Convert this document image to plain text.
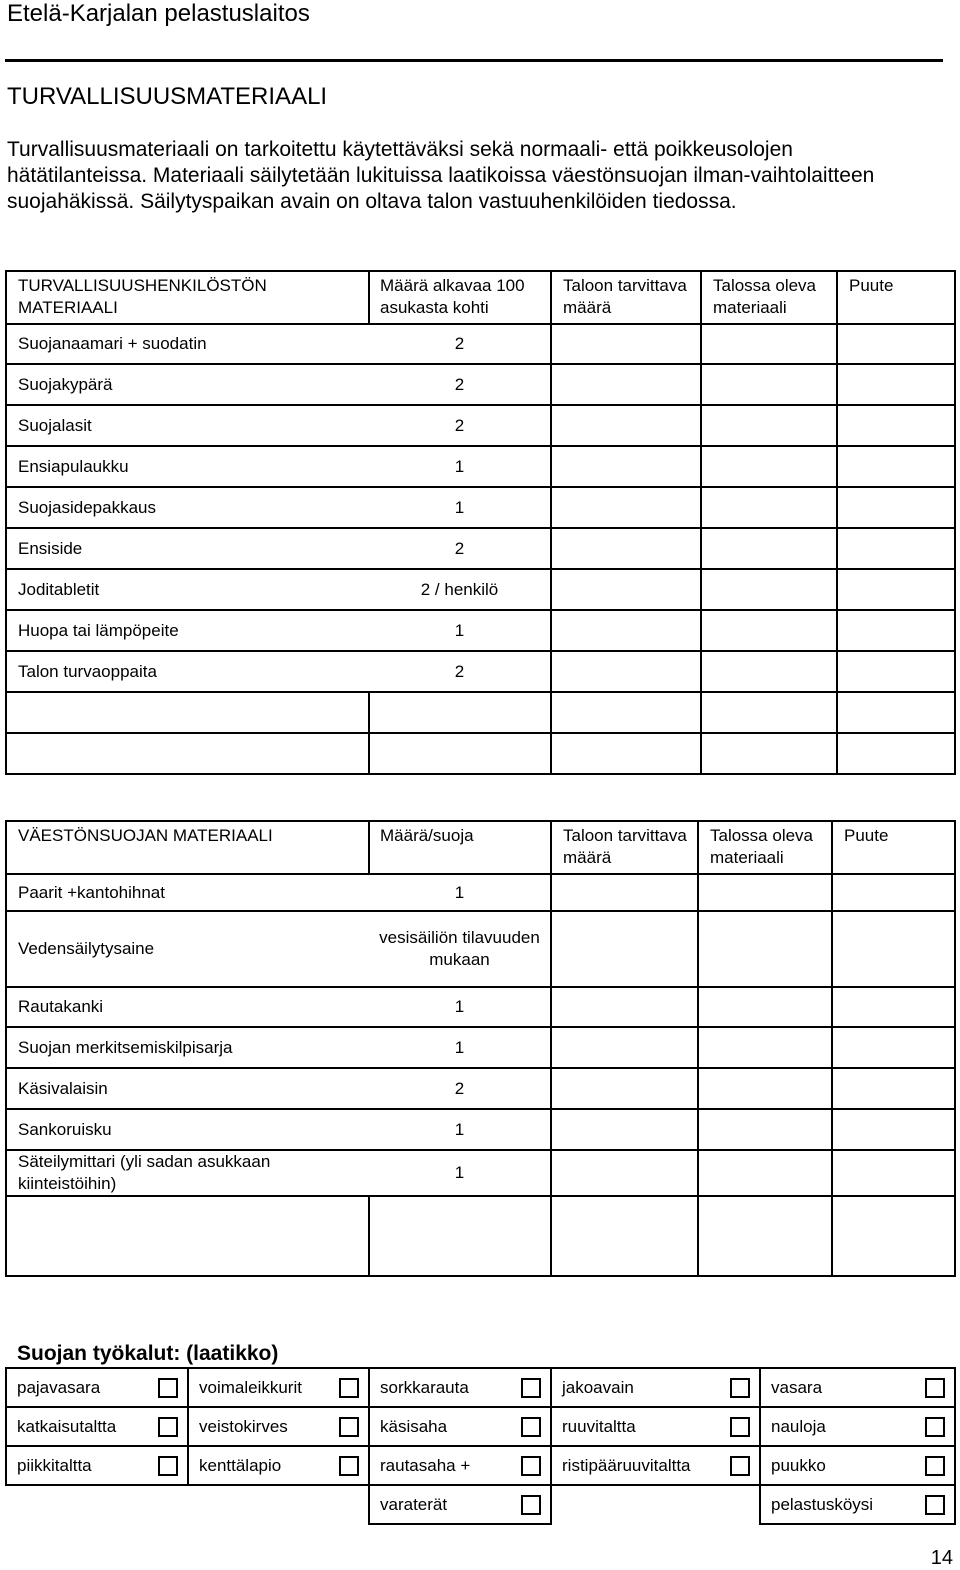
Etelä-Karjalan pelastuslaitos
TURVALLISUUSMATERIAALI

Turvallisuusmateriaali on tarkoitettu käytettäväksi sekä normaali- että poikkeusolojen hätätilanteissa. Materiaali säilytetään lukituissa laatikoissa väestönsuojan ilman-vaihtolaitteen suojahäkissä. Säilytyspaikan avain on oltava talon vastuuhenkilöiden tiedossa.

TURVALLISUUSHENKILÖSTÖN MATERIAALI	Määrä alkavaa 100 asukasta kohti	Taloon tarvittava määrä	Talossa oleva materiaali	Puute
Suojanaamari + suodatin	2			
Suojakypärä	2			
Suojalasit	2			
Ensiapulaukku	1			
Suojasidepakkaus	1			
Ensiside	2			
Joditabletit	2 / henkilö			
Huopa tai lämpöpeite	1			
Talon turvaoppaita	2			

VÄESTÖNSUOJAN MATERIAALI	Määrä/suoja	Taloon tarvittava määrä	Talossa oleva materiaali	Puute
Paarit +kantohihnat	1			
Vedensäilytysaine	vesisäiliön tilavuuden mukaan			
Rautakanki	1			
Suojan merkitsemiskilpisarja	1			
Käsivalaisin	2			
Sankoruisku	1			
Säteilymittari (yli sadan asukkaan kiinteistöihin)	1			

Suojan työkalut: (laatikko)
pajavasara		voimaleikkurit		sorkkarauta		jakoavain		vasara	
katkaisutaltta		veistokirves		käsisaha		ruuvitaltta		nauloja	
piikkitaltta		kenttälapio		rautasaha +		ristipääruuvitaltta		puukko	
				varaterät				pelastusköysi	
14
